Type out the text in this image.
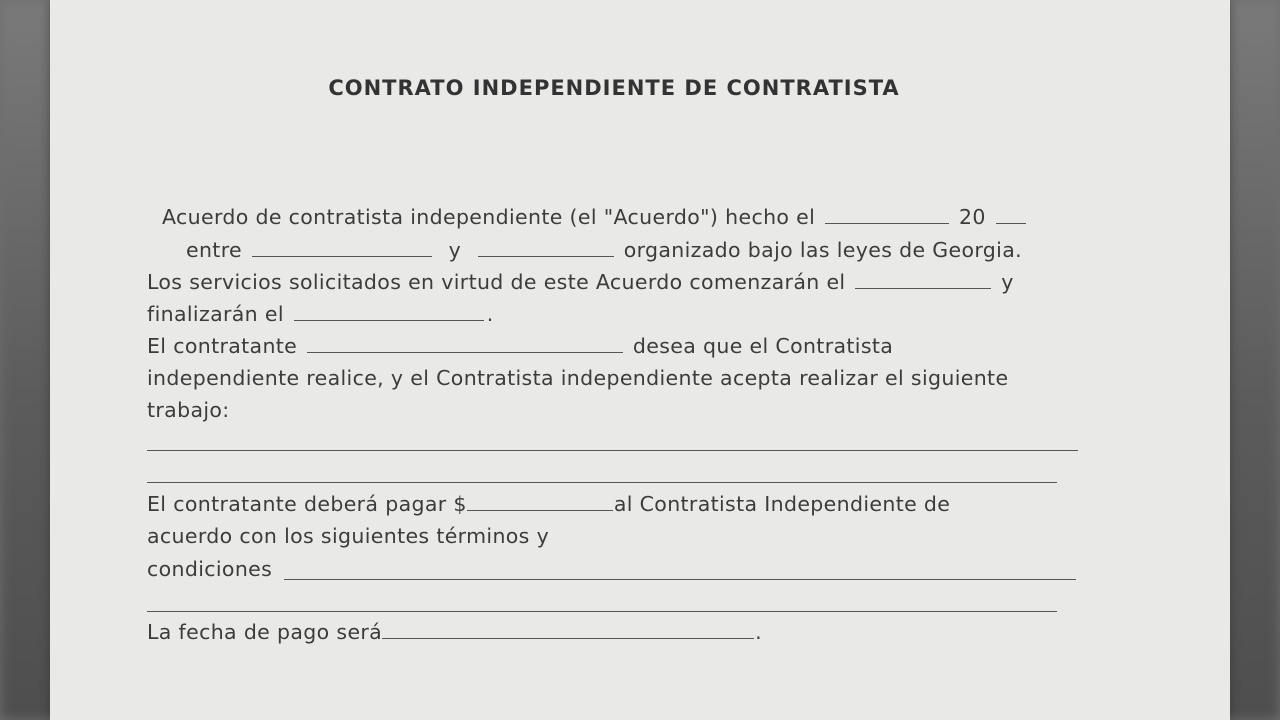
CONTRATO INDEPENDIENTE DE CONTRATISTA
Acuerdo de contratista independiente (el "Acuerdo") hecho el	20
entre	y	organizado bajo las leyes de Georgia.
Los servicios solicitados en virtud de este Acuerdo comenzarán el	y
finalizarán el	.
El contratante	desea que el Contratista
independiente realice, y el Contratista independiente acepta realizar el siguiente
trabajo:
El contratante deberá pagar $	al Contratista Independiente de
acuerdo con los siguientes términos y
condiciones
La fecha de pago será	.
